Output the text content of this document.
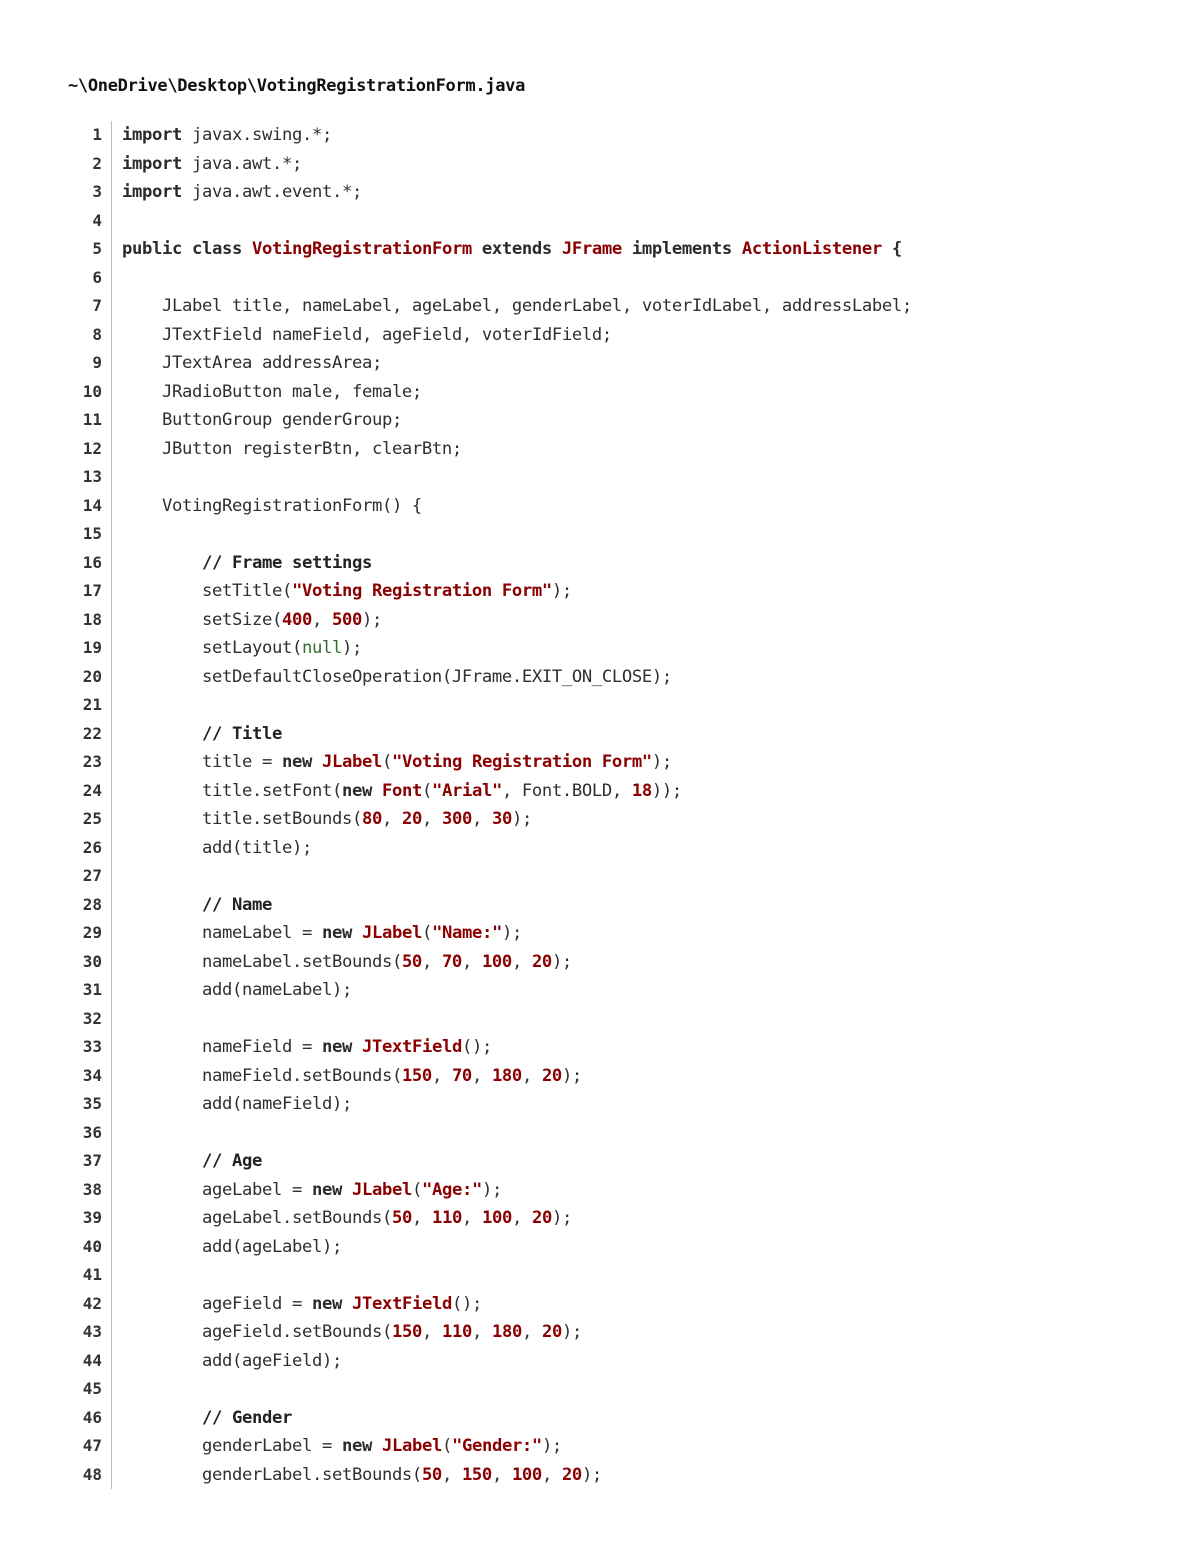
~\OneDrive\Desktop\VotingRegistrationForm.java
1 import javax.swing.*;
2 import java.awt.*;
3 import java.awt.event.*;
4
5 public class VotingRegistrationForm extends JFrame implements ActionListener {
6
7 JLabel title, nameLabel, ageLabel, genderLabel, voterIdLabel, addressLabel;
8 JTextField nameField, ageField, voterIdField;
9 JTextArea addressArea;
10 JRadioButton male, female;
11 ButtonGroup genderGroup;
12 JButton registerBtn, clearBtn;
13
14 VotingRegistrationForm() {
15
16 // Frame settings
17 setTitle("Voting Registration Form");
18 setSize(400, 500);
19 setLayout(null);
20 setDefaultCloseOperation(JFrame.EXIT_ON_CLOSE);
21
22 // Title
23 title = new JLabel("Voting Registration Form");
24 title.setFont(new Font("Arial", Font.BOLD, 18));
25 title.setBounds(80, 20, 300, 30);
26 add(title);
27
28 // Name
29 nameLabel = new JLabel("Name:");
30 nameLabel.setBounds(50, 70, 100, 20);
31 add(nameLabel);
32
33 nameField = new JTextField();
34 nameField.setBounds(150, 70, 180, 20);
35 add(nameField);
36
37 // Age
38 ageLabel = new JLabel("Age:");
39 ageLabel.setBounds(50, 110, 100, 20);
40 add(ageLabel);
41
42 ageField = new JTextField();
43 ageField.setBounds(150, 110, 180, 20);
44 add(ageField);
45
46 // Gender
47 genderLabel = new JLabel("Gender:");
48 genderLabel.setBounds(50, 150, 100, 20);
